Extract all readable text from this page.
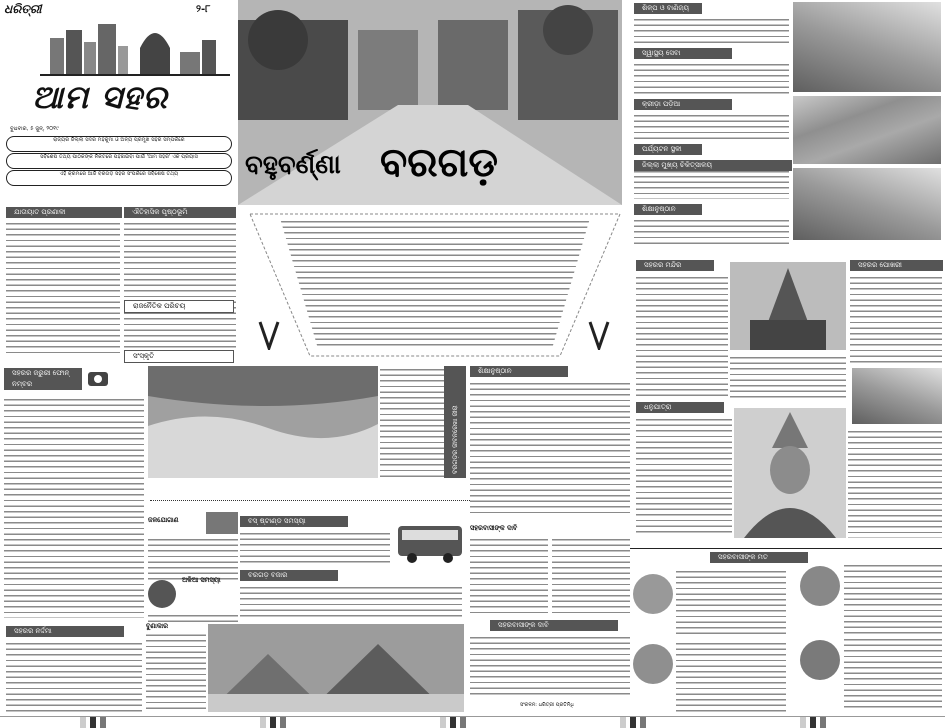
ଧରିତ୍ରୀ	୨-୮
ଆମ ସହର
ବୁଧବାର, ୫ ଜୁନ୍, ୨୦୧୯
ରାଜ୍ୟର ଜିଲ୍ଲା ସଦର ମହକୁମା ଓ ଅନ୍ୟ ପ୍ରମୁଖ ସହର ସମ୍ପର୍କରେ
ସବିଶେଷ ତଥ୍ୟ ପାଠକଙ୍କ ନିକଟରେ ପହଞ୍ଚାଇବା ପାଇଁ 'ଆମ ସହର' ଏକ ପ୍ରୟାସ
ଏହି କ୍ରମରେ ଆଜି ବରଗଡ଼ ସହର ସଂପର୍କରେ ସବିଶେଷ ତଥ୍ୟ	ବହୁବର୍ଣ୍ଣା ବରଗଡ଼
ଯାତାୟାତ ପ୍ରଣାଳୀ	ଐତିହାସିକ ପୃଷ୍ଠଭୂମି
ରାଜନୈତିକ ପରିଚୟ
ସଂସ୍କୃତି
ସହରର ଜରୁରୀ ଫୋନ୍ ନମ୍ବର
ସହରର ନର୍ଦ୍ଦମା
ଶିଳ୍ପ ଓ ବାଣିଜ୍ୟ
ସ୍ୱାସ୍ଥ୍ୟ ସେବା
କ୍ରୀଡ଼ା ପଡ଼ିଆ
ପର୍ଯ୍ୟଟନ ସ୍ଥଳୀ
ଜିଲ୍ଲା ମୁଖ୍ୟ ଚିକିତ୍ସାଳୟ
ଶିକ୍ଷାନୁଷ୍ଠାନ
ସହରର ମନ୍ଦିର	ସହରର ପୋଖରୀ
ଧନୁଯାତ୍ରା
ସହରବାସୀଙ୍କ ମତ
ବରଗଡ଼ର ଜୀବନରେଖା ଜୀରା
ଶିକ୍ଷାନୁଷ୍ଠାନ
ଜଳଯୋଗାଣ	ବସ୍ ଷ୍ଟାଣ୍ଡ ସମସ୍ୟା
ବରଗଡ଼ ବଜାର
ଅଳିଆ ସମସ୍ୟା
ବୁଣାକାର
ସହରବାସୀଙ୍କ ଦାବି
ସହରବାସୀଙ୍କ ଦାବି
ସଂକଳନ: ଧରିତ୍ରୀ ପ୍ରତିନିଧି
